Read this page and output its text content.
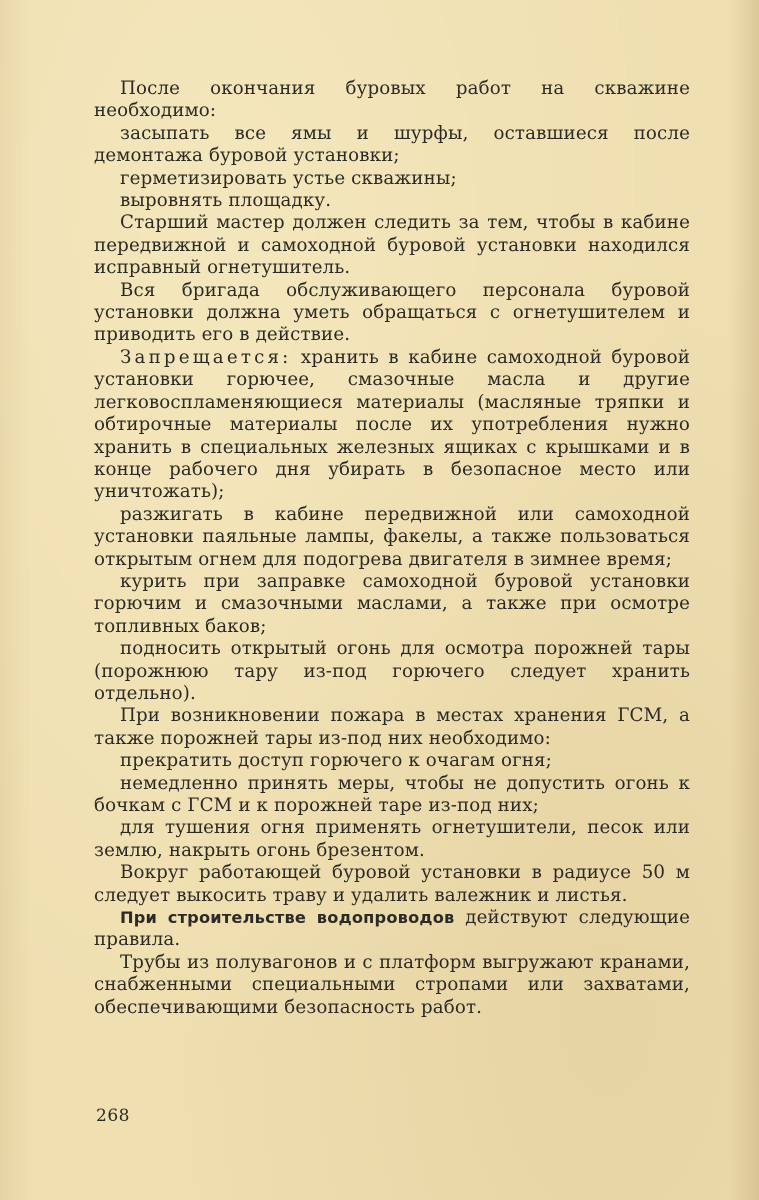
После окончания буровых работ на скважине необходимо:

засыпать все ямы и шурфы, оставшиеся после демонтажа буровой установки;

герметизировать устье скважины;

выровнять площадку.

Старший мастер должен следить за тем, чтобы в кабине передвижной и самоходной буровой установки находился исправный огнетушитель.

Вся бригада обслуживающего персонала буровой установки должна уметь обращаться с огнетушителем и приводить его в действие.

Запрещается: хранить в кабине самоходной буровой установки горючее, смазочные масла и другие легковоспламеняющиеся материалы (масляные тряпки и обтирочные материалы после их употребления нужно хранить в специальных железных ящиках с крышками и в конце рабочего дня убирать в безопасное место или уничтожать);

разжигать в кабине передвижной или самоходной установки паяльные лампы, факелы, а также пользоваться открытым огнем для подогрева двигателя в зимнее время;

курить при заправке самоходной буровой установки горючим и смазочными маслами, а также при осмотре топливных баков;

подносить открытый огонь для осмотра порожней тары (порожнюю тару из-под горючего следует хранить отдельно).

При возникновении пожара в местах хранения ГСМ, а также порожней тары из-под них необходимо:

прекратить доступ горючего к очагам огня;

немедленно принять меры, чтобы не допустить огонь к бочкам с ГСМ и к порожней таре из-под них;

для тушения огня применять огнетушители, песок или землю, накрыть огонь брезентом.

Вокруг работающей буровой установки в радиусе 50 м следует выкосить траву и удалить валежник и листья.

При строительстве водопроводов действуют следующие правила.

Трубы из полувагонов и с платформ выгружают кранами, снабженными специальными стропами или захватами, обеспечивающими безопасность работ.

268
